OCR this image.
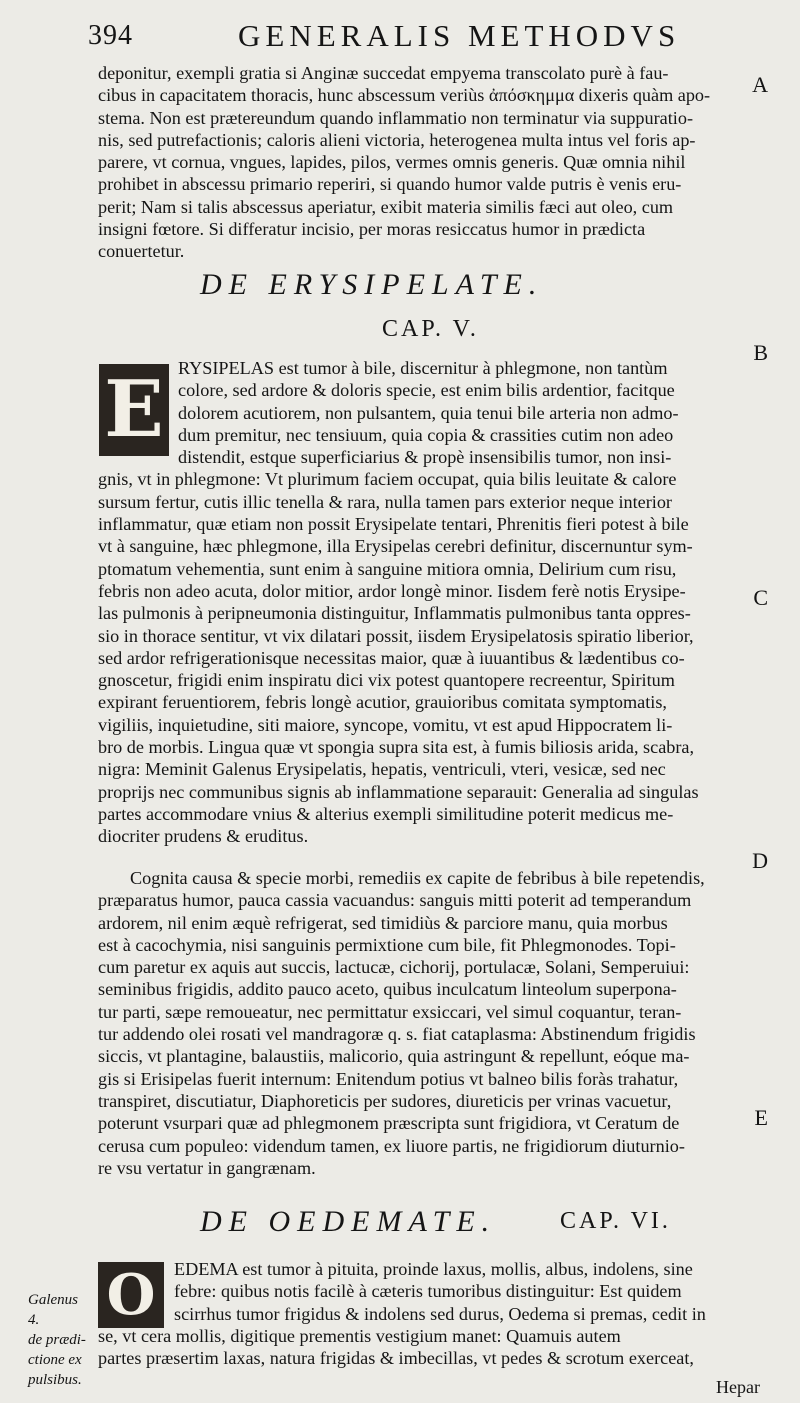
394	GENERALIS METHODVS
A
B
C
D
E
deponitur, exempli gratia si Anginæ succedat empyema transcolato purè à fau-
cibus in capacitatem thoracis, hunc abscessum veriùs ἀπόσκημμα dixeris quàm apo-
stema. Non est prætereundum quando inflammatio non terminatur via suppuratio-
nis, sed putrefactionis; caloris alieni victoria, heterogenea multa intus vel foris ap-
parere, vt cornua, vngues, lapides, pilos, vermes omnis generis. Quæ omnia nihil
prohibet in abscessu primario reperiri, si quando humor valde putris è venis eru-
perit; Nam si talis abscessus aperiatur, exibit materia similis fæci aut oleo, cum
insigni fœtore. Si differatur incisio, per moras resiccatus humor in prædicta
conuertetur.
DE ERYSIPELATE.
CAP. V.
E RYSIPELAS est tumor à bile, discernitur à phlegmone, non tantùm
colore, sed ardore & doloris specie, est enim bilis ardentior, facitque
dolorem acutiorem, non pulsantem, quia tenui bile arteria non admo-
dum premitur, nec tensiuum, quia copia & crassities cutim non adeo
distendit, estque superficiarius & propè insensibilis tumor, non insi-
gnis, vt in phlegmone: Vt plurimum faciem occupat, quia bilis leuitate & calore
sursum fertur, cutis illic tenella & rara, nulla tamen pars exterior neque interior
inflammatur, quæ etiam non possit Erysipelate tentari, Phrenitis fieri potest à bile
vt à sanguine, hæc phlegmone, illa Erysipelas cerebri definitur, discernuntur sym-
ptomatum vehementia, sunt enim à sanguine mitiora omnia, Delirium cum risu,
febris non adeo acuta, dolor mitior, ardor longè minor. Iisdem ferè notis Erysipe-
las pulmonis à peripneumonia distinguitur, Inflammatis pulmonibus tanta oppres-
sio in thorace sentitur, vt vix dilatari possit, iisdem Erysipelatosis spiratio liberior,
sed ardor refrigerationisque necessitas maior, quæ à iuuantibus & lædentibus co-
gnoscetur, frigidi enim inspiratu dici vix potest quantopere recreentur, Spiritum
expirant feruentiorem, febris longè acutior, grauioribus comitata symptomatis,
vigiliis, inquietudine, siti maiore, syncope, vomitu, vt est apud Hippocratem li-
bro de morbis. Lingua quæ vt spongia supra sita est, à fumis biliosis arida, scabra,
nigra: Meminit Galenus Erysipelatis, hepatis, ventriculi, vteri, vesicæ, sed nec
proprijs nec communibus signis ab inflammatione separauit: Generalia ad singulas
partes accommodare vnius & alterius exempli similitudine poterit medicus me-
diocriter prudens & eruditus.
Cognita causa & specie morbi, remediis ex capite de febribus à bile repetendis,
præparatus humor, pauca cassia vacuandus: sanguis mitti poterit ad temperandum
ardorem, nil enim æquè refrigerat, sed timidiùs & parciore manu, quia morbus
est à cacochymia, nisi sanguinis permixtione cum bile, fit Phlegmonodes. Topi-
cum paretur ex aquis aut succis, lactucæ, cichorij, portulacæ, Solani, Semperuiui:
seminibus frigidis, addito pauco aceto, quibus inculcatum linteolum superpona-
tur parti, sæpe remoueatur, nec permittatur exsiccari, vel simul coquantur, teran-
tur addendo olei rosati vel mandragoræ q. s. fiat cataplasma: Abstinendum frigidis
siccis, vt plantagine, balaustiis, malicorio, quia astringunt & repellunt, eóque ma-
gis si Erisipelas fuerit internum: Enitendum potius vt balneo bilis foràs trahatur,
transpiret, discutiatur, Diaphoreticis per sudores, diureticis per vrinas vacuetur,
poterunt vsurpari quæ ad phlegmonem præscripta sunt frigidiora, vt Ceratum de
cerusa cum populeo: videndum tamen, ex liuore partis, ne frigidiorum diuturnio-
re vsu vertatur in gangrænam.
DE OEDEMATE.	CAP. VI.
O	EDEMA est tumor à pituita, proinde laxus, mollis, albus, indolens, sine
febre: quibus notis facilè à cæteris tumoribus distinguitur: Est quidem
scirrhus tumor frigidus & indolens sed durus, Oedema si premas, cedit in
se, vt cera mollis, digitique prementis vestigium manet: Quamuis autem
partes præsertim laxas, natura frigidas & imbecillas, vt pedes & scrotum exerceat,
Galenus 4.
de prædi-
ctione ex
pulsibus.	Hepar
